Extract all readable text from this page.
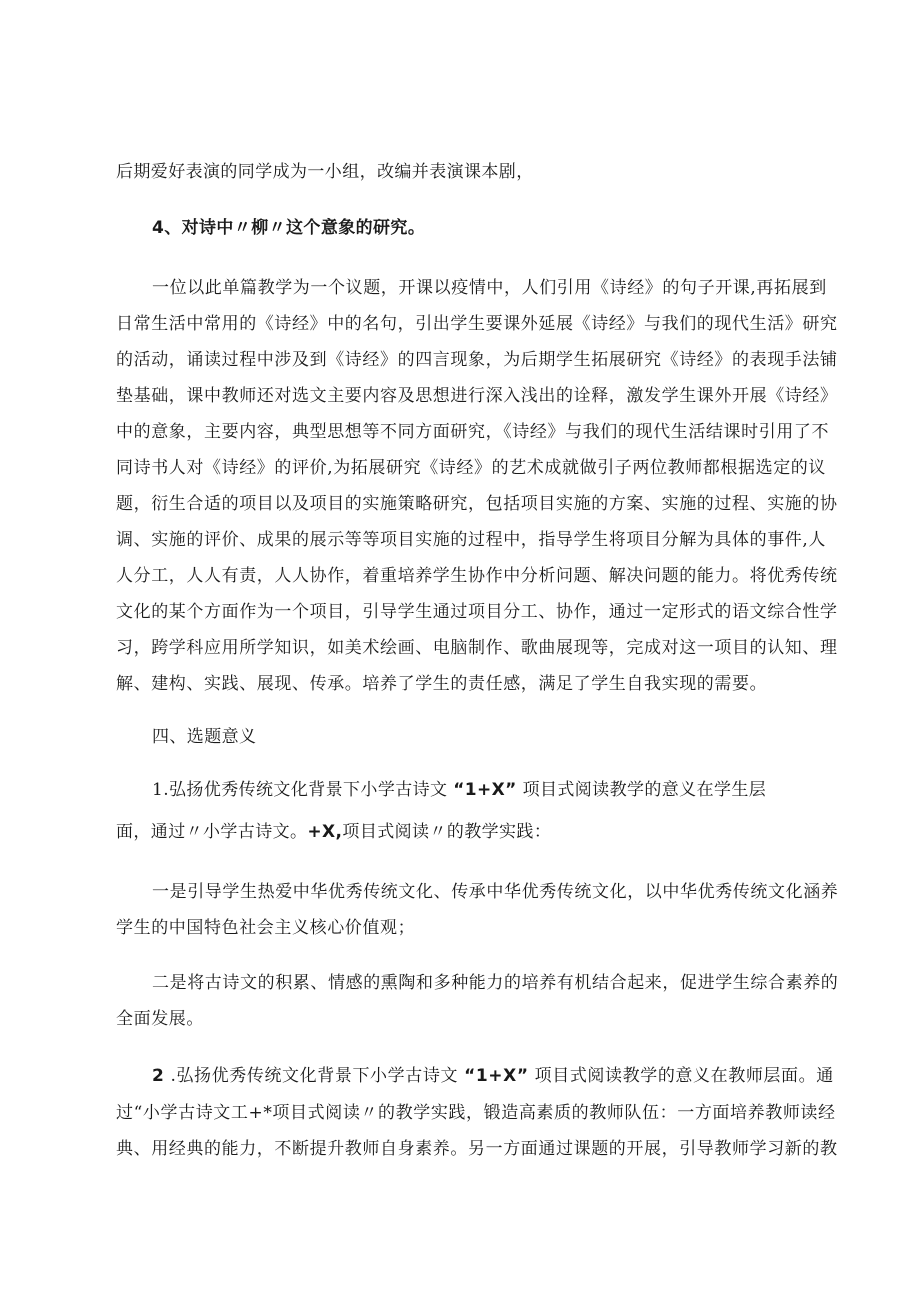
后期爱好表演的同学成为一小组，改编并表演课本剧，
4、对诗中〃柳〃这个意象的研究。
一位以此单篇教学为一个议题，开课以疫情中，人们引用《诗经》的句子开课,再拓展到
日常生活中常用的《诗经》中的名句，引出学生要课外延展《诗经》与我们的现代生活》研究
的活动，诵读过程中涉及到《诗经》的四言现象，为后期学生拓展研究《诗经》的表现手法铺
垫基础，课中教师还对选文主要内容及思想进行深入浅出的诠释，激发学生课外开展《诗经》
中的意象，主要内容，典型思想等不同方面研究，《诗经》与我们的现代生活结课时引用了不
同诗书人对《诗经》的评价,为拓展研究《诗经》的艺术成就做引子两位教师都根据选定的议
题，衍生合适的项目以及项目的实施策略研究，包括项目实施的方案、实施的过程、实施的协
调、实施的评价、成果的展示等等项目实施的过程中，指导学生将项目分解为具体的事件,人
人分工，人人有责，人人协作，着重培养学生协作中分析问题、解决问题的能力。将优秀传统
文化的某个方面作为一个项目，引导学生通过项目分工、协作，通过一定形式的语文综合性学
习，跨学科应用所学知识，如美术绘画、电脑制作、歌曲展现等，完成对这一项目的认知、理
解、建构、实践、展现、传承。培养了学生的责任感，满足了学生自我实现的需要。
四、选题意义
1.弘扬优秀传统文化背景下小学古诗文 “1+X” 项目式阅读教学的意义在学生层
面，通过〃小学古诗文。+X,项目式阅读〃的教学实践：
一是引导学生热爱中华优秀传统文化、传承中华优秀传统文化，以中华优秀传统文化涵养
学生的中国特色社会主义核心价值观；
二是将古诗文的积累、情感的熏陶和多种能力的培养有机结合起来，促进学生综合素养的
全面发展。
2 .弘扬优秀传统文化背景下小学古诗文 “1+X” 项目式阅读教学的意义在教师层面。通
过“小学古诗文工+*项目式阅读〃的教学实践，锻造高素质的教师队伍：一方面培养教师读经
典、用经典的能力，不断提升教师自身素养。另一方面通过课题的开展，引导教师学习新的教
